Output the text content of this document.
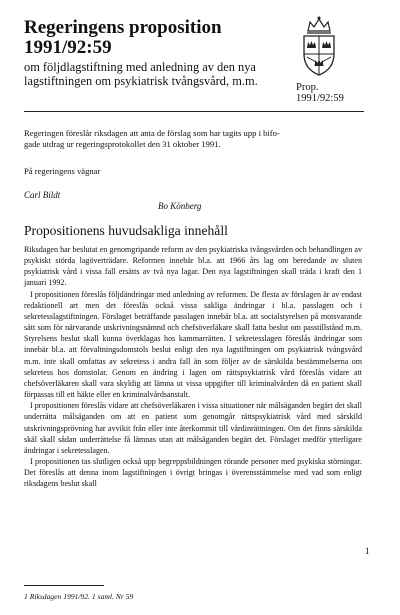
Regeringens proposition
1991/92:59
om följdlagstiftning med anledning av den nya
lagstiftningen om psykiatrisk tvångsvård, m.m.	Prop.
1991/92:59
Regeringen föreslår riksdagen att anta de förslag som har tagits upp i bifo-
gade utdrag ur regeringsprotokollet den 31 oktober 1991.
På regeringens vägnar
Carl Bildt
Bo Könberg
Propositionens huvudsakliga innehåll

Riksdagen har beslutat en genomgripande reform av den psykiatriska tvångsvården och behandlingen av psykiskt störda lagöverträdare. Reformen innebär bl.a. att 1966 års lag om beredande av sluten psykiatrisk vård i vissa fall ersätts av två nya lagar. Den nya lagstiftningen skall träda i kraft den 1 januari 1992.

I propositionen föreslås följdändringar med anledning av reformen. De flesta av förslagen är av endast redaktionell art men det föreslås också vissa sakliga ändringar i bl.a. passlagen och i sekretesslagstiftningen. Förslaget beträffande passlagen innebär bl.a. att socialstyrelsen på motsvarande sätt som för närvarande utskrivningsnämnd och chefsöverläkare skall fatta beslut om passtillstånd m.m. Styrelsens beslut skall kunna överklagas hos kammarrätten. I sekretesslagen föreslås ändringar som innebär bl.a. att förvaltningsdomstols beslut enligt den nya lagstiftningen om psykiatrisk tvångsvård m.m. inte skall omfattas av sekretess i andra fall än som följer av de särskilda bestämmelserna om sekretess hos domstolar. Genom en ändring i lagen om rättspsykiatrisk vård föreslås vidare att chefsöverläkaren skall vara skyldig att lämna ut vissa uppgifter till kriminalvården då en patient skall förpassas till ett häkte eller en kriminalvårdsanstalt.

I propositionen föreslås vidare att chefsöverläkaren i vissa situationer när målsäganden begärt det skall underrätta målsäganden om att en patient som genomgår rättspsykiatrisk vård med särskild utskrivningsprövning har avvikit från eller inte återkommit till vårdinrättningen. Om det finns särskilda skäl skall sådan underrättelse få lämnas utan att målsäganden begärt det. Förslaget medför ytterligare ändringar i sekretesslagen.

I propositionen tas slutligen också upp begreppsbildningen rörande personer med psykiska störningar. Det föreslås att denna inom lagstiftningen i övrigt bringas i överensstämmelse med vad som enligt riksdagens beslut skall

1
1 Riksdagen 1991/92. 1 saml. Nr 59
